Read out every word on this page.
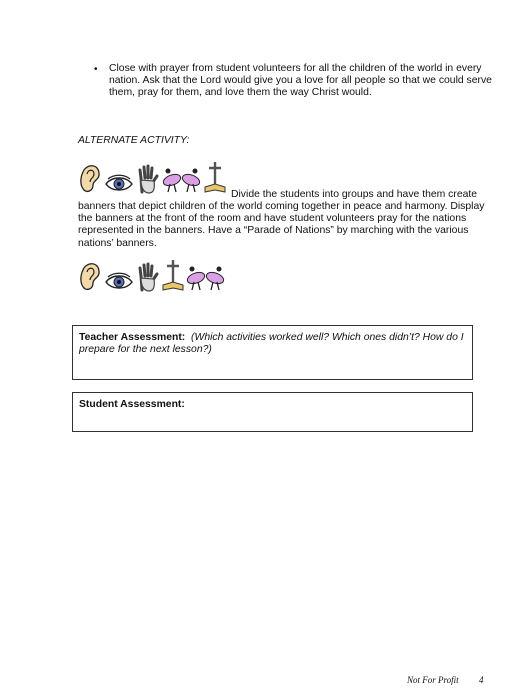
• Close with prayer from student volunteers for all the children of the world in every nation. Ask that the Lord would give you a love for all people so that we could serve them, pray for them, and love them the way Christ would.
ALTERNATE ACTIVITY:
Divide the students into groups and have them create
banners that depict children of the world coming together in peace and harmony. Display the banners at the front of the room and have student volunteers pray for the nations represented in the banners. Have a “Parade of Nations” by marching with the various nations’ banners.
Teacher Assessment: (Which activities worked well? Which ones didn’t? How do I prepare for the next lesson?)
Student Assessment:
Not For Profit 4
